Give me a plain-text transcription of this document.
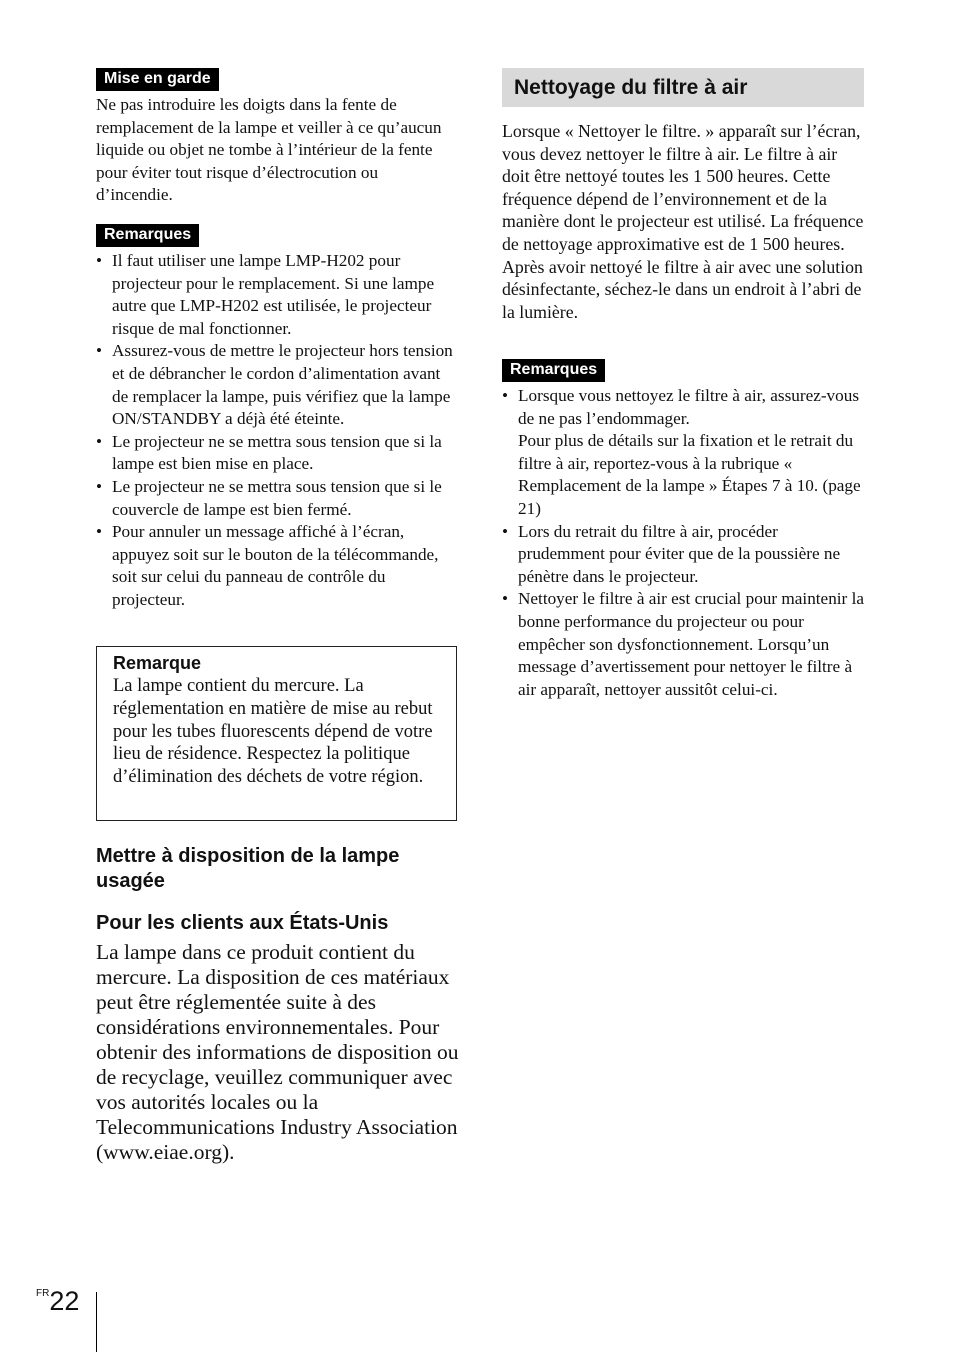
Mise en garde

Ne pas introduire les doigts dans la fente de remplacement de la lampe et veiller à ce qu’aucun liquide ou objet ne tombe à l’intérieur de la fente pour éviter tout risque d’électrocution ou d’incendie.

Remarques
• Il faut utiliser une lampe LMP-H202 pour projecteur pour le remplacement. Si une lampe autre que LMP-H202 est utilisée, le projecteur risque de mal fonctionner.
• Assurez-vous de mettre le projecteur hors tension et de débrancher le cordon d’alimentation avant de remplacer la lampe, puis vérifiez que la lampe ON/STANDBY a déjà été éteinte.
• Le projecteur ne se mettra sous tension que si la lampe est bien mise en place.
• Le projecteur ne se mettra sous tension que si le couvercle de lampe est bien fermé.
• Pour annuler un message affiché à l’écran, appuyez soit sur le bouton de la télécommande, soit sur celui du panneau de contrôle du projecteur.

Remarque

La lampe contient du mercure. La réglementation en matière de mise au rebut pour les tubes fluorescents dépend de votre lieu de résidence. Respectez la politique d’élimination des déchets de votre région.

Mettre à disposition de la lampe usagée
Pour les clients aux États-Unis

La lampe dans ce produit contient du mercure. La disposition de ces matériaux peut être réglementée suite à des considérations environnementales. Pour obtenir des informations de disposition ou de recyclage, veuillez communiquer avec vos autorités locales ou la Telecommunications Industry Association (www.eiae.org).

Nettoyage du filtre à air

Lorsque « Nettoyer le filtre. » apparaît sur l’écran, vous devez nettoyer le filtre à air. Le filtre à air doit être nettoyé toutes les 1 500 heures. Cette fréquence dépend de l’environnement et de la manière dont le projecteur est utilisé. La fréquence de nettoyage approximative est de 1 500 heures. Après avoir nettoyé le filtre à air avec une solution désinfectante, séchez-le dans un endroit à l’abri de la lumière.

Remarques
• Lorsque vous nettoyez le filtre à air, assurez-vous de ne pas l’endommager.
Pour plus de détails sur la fixation et le retrait du filtre à air, reportez-vous à la rubrique « Remplacement de la lampe » Étapes 7 à 10. (page 21)
• Lors du retrait du filtre à air, procéder prudemment pour éviter que de la poussière ne pénètre dans le projecteur.
• Nettoyer le filtre à air est crucial pour maintenir la bonne performance du projecteur ou pour empêcher son dysfonctionnement. Lorsqu’un message d’avertissement pour nettoyer le filtre à air apparaît, nettoyer aussitôt celui-ci.
$^{FR}$22
